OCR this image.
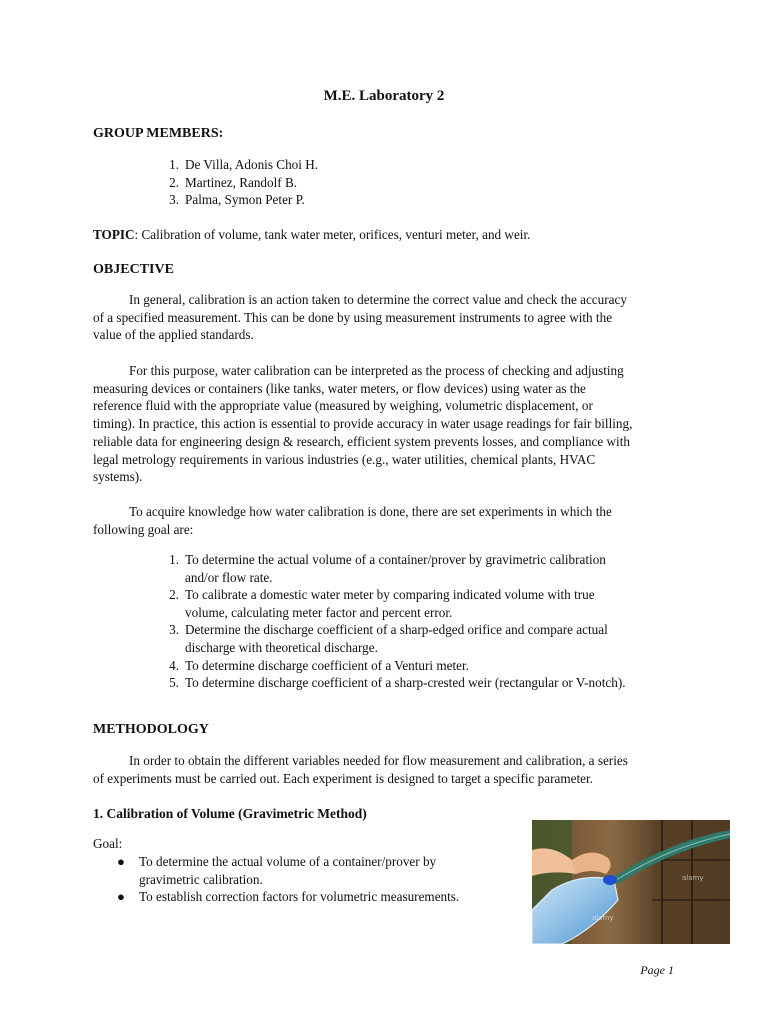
M.E. Laboratory 2
GROUP MEMBERS:
1. De Villa, Adonis Choi H.
2. Martinez, Randolf B.
3. Palma, Symon Peter P.
TOPIC: Calibration of volume, tank water meter, orifices, venturi meter, and weir.
OBJECTIVE
In general, calibration is an action taken to determine the correct value and check the accuracy
of a specified measurement. This can be done by using measurement instruments to agree with the
value of the applied standards.
For this purpose, water calibration can be interpreted as the process of checking and adjusting
measuring devices or containers (like tanks, water meters, or flow devices) using water as the
reference fluid with the appropriate value (measured by weighing, volumetric displacement, or
timing). In practice, this action is essential to provide accuracy in water usage readings for fair billing,
reliable data for engineering design & research, efficient system prevents losses, and compliance with
legal metrology requirements in various industries (e.g., water utilities, chemical plants, HVAC
systems).
To acquire knowledge how water calibration is done, there are set experiments in which the
following goal are:
1. To determine the actual volume of a container/prover by gravimetric calibration
and/or flow rate.
2. To calibrate a domestic water meter by comparing indicated volume with true
volume, calculating meter factor and percent error.
3. Determine the discharge coefficient of a sharp-edged orifice and compare actual
discharge with theoretical discharge.
4. To determine discharge coefficient of a Venturi meter.
5. To determine discharge coefficient of a sharp-crested weir (rectangular or V-notch).
METHODOLOGY
In order to obtain the different variables needed for flow measurement and calibration, a series
of experiments must be carried out. Each experiment is designed to target a specific parameter.
1. Calibration of Volume (Gravimetric Method)
Goal:
● To determine the actual volume of a container/prover by
gravimetric calibration.
● To establish correction factors for volumetric measurements.
alamy
alamy
Page 1
